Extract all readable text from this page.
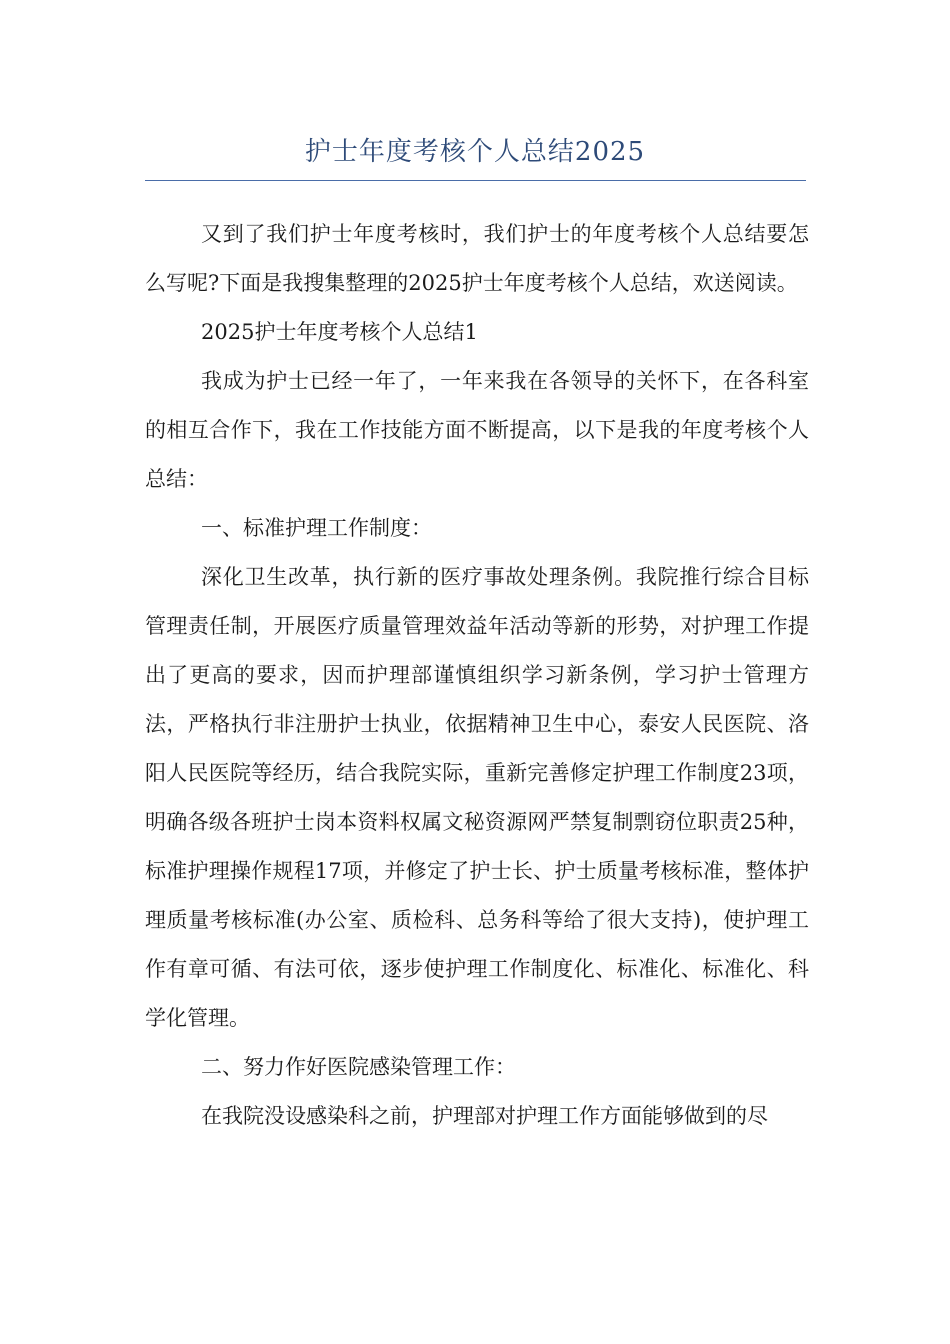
护士年度考核个人总结2025

又到了我们护士年度考核时，我们护士的年度考核个人总结要怎么写呢?下面是我搜集整理的2025护士年度考核个人总结，欢送阅读。

2025护士年度考核个人总结1

我成为护士已经一年了，一年来我在各领导的关怀下，在各科室的相互合作下，我在工作技能方面不断提高，以下是我的年度考核个人总结：

一、标准护理工作制度：

深化卫生改革，执行新的医疗事故处理条例。我院推行综合目标管理责任制，开展医疗质量管理效益年活动等新的形势，对护理工作提出了更高的要求，因而护理部谨慎组织学习新条例，学习护士管理方法，严格执行非注册护士执业，依据精神卫生中心，泰安人民医院、洛阳人民医院等经历，结合我院实际，重新完善修定护理工作制度23项，明确各级各班护士岗本资料权属文秘资源网严禁复制剽窃位职责25种，标准护理操作规程17项，并修定了护士长、护士质量考核标准，整体护理质量考核标准(办公室、质检科、总务科等给了很大支持)，使护理工作有章可循、有法可依，逐步使护理工作制度化、标准化、标准化、科学化管理。

二、努力作好医院感染管理工作：

在我院没设感染科之前，护理部对护理工作方面能够做到的尽
